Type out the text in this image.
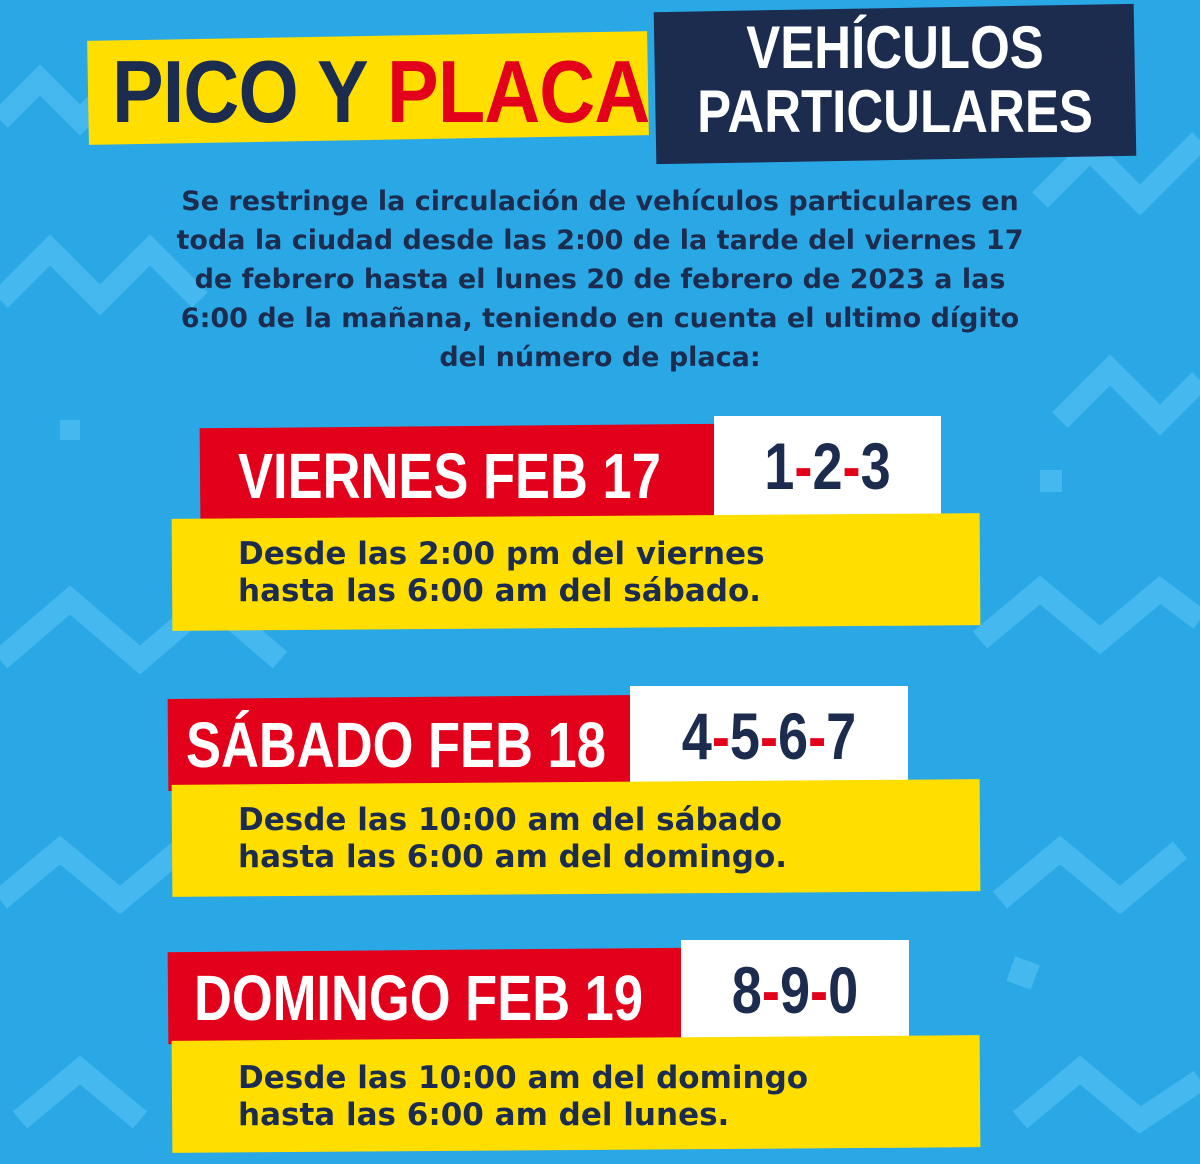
PICO Y PLACA	VEHÍCULOS
PARTICULARES
Se restringe la circulación de vehículos particulares en
toda la ciudad desde las 2:00 de la tarde del viernes 17
de febrero hasta el lunes 20 de febrero de 2023 a las
6:00 de la mañana, teniendo en cuenta el ultimo dígito
del número de placa:
VIERNES FEB 17	1-2-3
Desde las 2:00 pm del viernes
hasta las 6:00 am del sábado.
SÁBADO FEB 18	4-5-6-7
Desde las 10:00 am del sábado
hasta las 6:00 am del domingo.
DOMINGO FEB 19	8-9-0
Desde las 10:00 am del domingo
hasta las 6:00 am del lunes.
